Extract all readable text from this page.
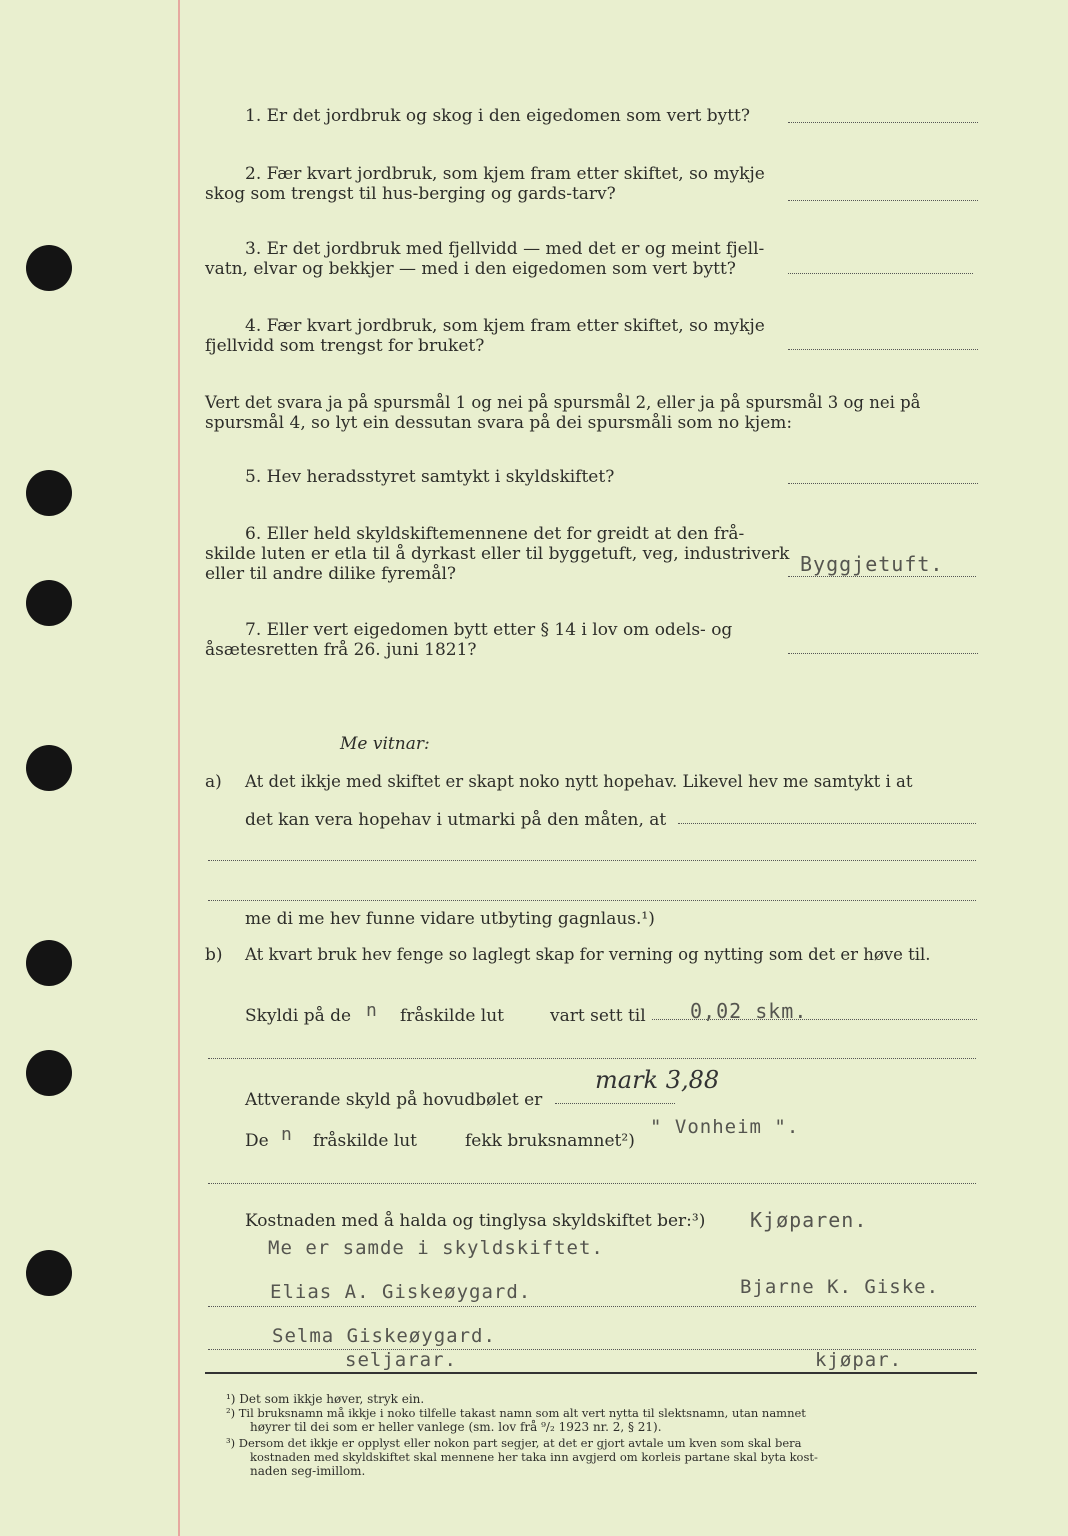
1. Er det jordbruk og skog i den eigedomen som vert bytt?
2. Fær kvart jordbruk, som kjem fram etter skiftet, so mykje
skog som trengst til hus-berging og gards-tarv?
3. Er det jordbruk med fjellvidd — med det er og meint fjell-
vatn, elvar og bekkjer — med i den eigedomen som vert bytt?
4. Fær kvart jordbruk, som kjem fram etter skiftet, so mykje
fjellvidd som trengst for bruket?
Vert det svara ja på spursmål 1 og nei på spursmål 2, eller ja på spursmål 3 og nei på
spursmål 4, so lyt ein dessutan svara på dei spursmåli som no kjem:
5. Hev heradsstyret samtykt i skyldskiftet?
6. Eller held skyldskiftemennene det for greidt at den frå-
skilde luten er etla til å dyrkast eller til byggetuft, veg, industriverk
eller til andre dilike fyremål?	Byggjetuft.
7. Eller vert eigedomen bytt etter § 14 i lov om odels- og
åsætesretten frå 26. juni 1821?
Me vitnar:
a) At det ikkje med skiftet er skapt noko nytt hopehav. Likevel hev me samtykt i at
det kan vera hopehav i utmarki på den måten, at
me di me hev funne vidare utbyting gagnlaus.¹)
b) At kvart bruk hev fenge so laglegt skap for verning og nytting som det er høve til.
Skyldi på de n fråskilde lut	vart sett til 0,02 skm.
Attverande skyld på hovudbølet er
mark 3,88
De n fråskilde lut	fekk bruksnamnet²)
" Vonheim ".
Kostnaden med å halda og tinglysa skyldskiftet ber:³) Kjøparen.
Me er samde i skyldskiftet.
Elias A. Giskeøygard.	Bjarne K. Giske.
Selma Giskeøygard.
seljarar.	kjøpar.
¹) Det som ikkje høver, stryk ein.
²) Til bruksnamn må ikkje i noko tilfelle takast namn som alt vert nytta til slektsnamn, utan namnet
høyrer til dei som er heller vanlege (sm. lov frå ⁹/₂ 1923 nr. 2, § 21).
³) Dersom det ikkje er opplyst eller nokon part segjer, at det er gjort avtale um kven som skal bera
kostnaden med skyldskiftet skal mennene her taka inn avgjerd om korleis partane skal byta kost-
naden seg-imillom.
